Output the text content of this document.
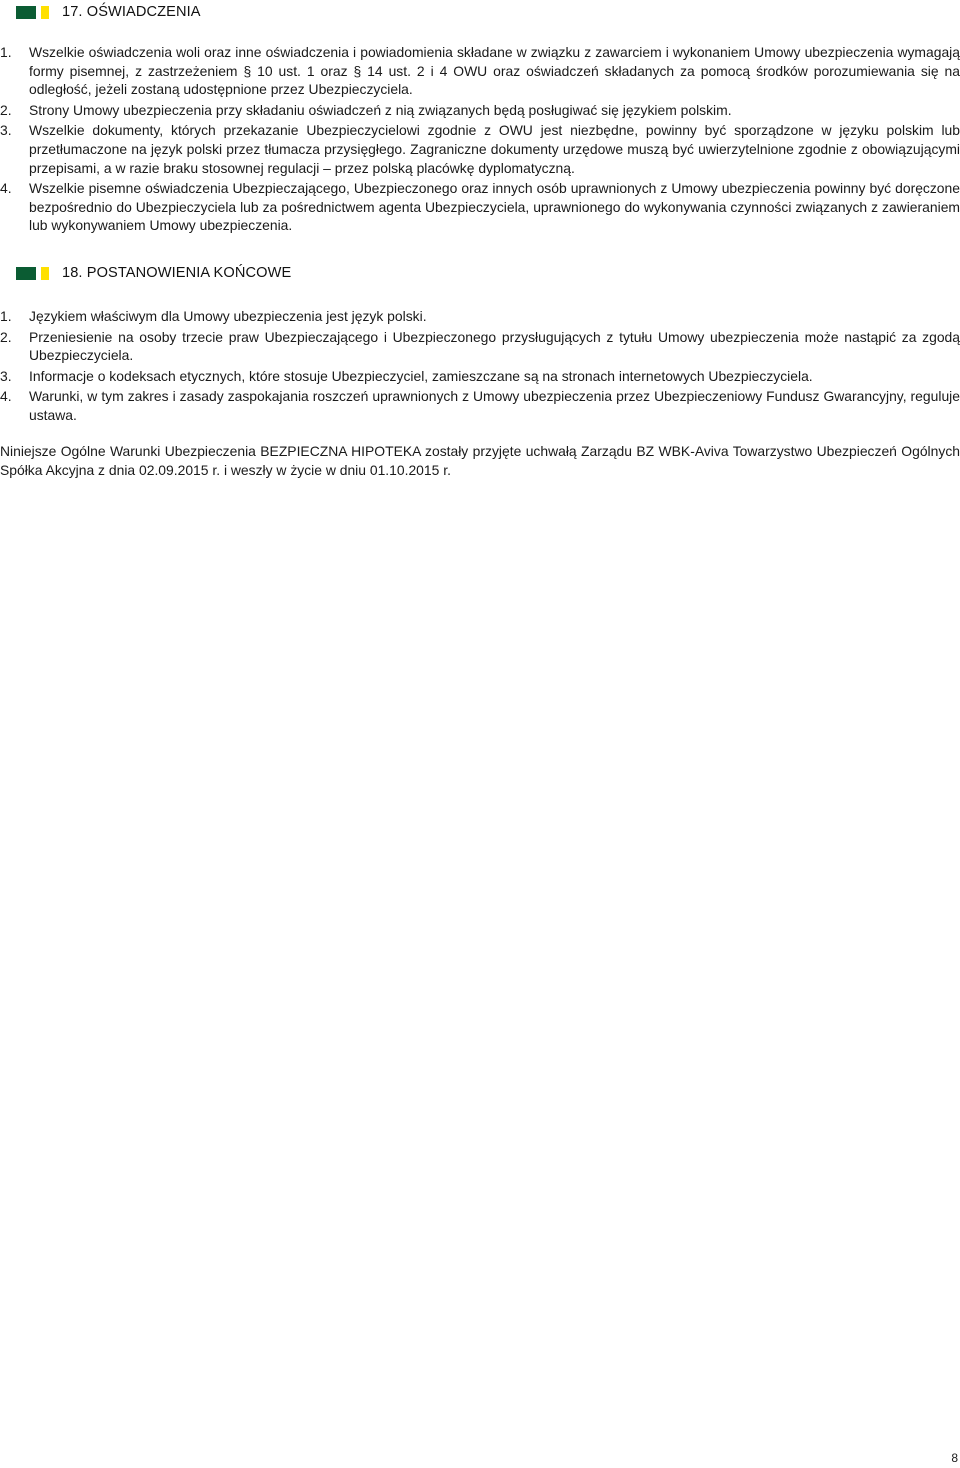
17. OŚWIADCZENIA
1. Wszelkie oświadczenia woli oraz inne oświadczenia i powiadomienia składane w związku z zawarciem i wykonaniem Umowy ubezpieczenia wymagają formy pisemnej, z zastrzeżeniem § 10 ust. 1 oraz § 14 ust. 2 i 4 OWU oraz oświadczeń składanych za pomocą środków porozumiewania się na odległość, jeżeli zostaną udostępnione przez Ubezpieczyciela.
2. Strony Umowy ubezpieczenia przy składaniu oświadczeń z nią związanych będą posługiwać się językiem polskim.
3. Wszelkie dokumenty, których przekazanie Ubezpieczycielowi zgodnie z OWU jest niezbędne, powinny być sporządzone w języku polskim lub przetłumaczone na język polski przez tłumacza przysięgłego. Zagraniczne dokumenty urzędowe muszą być uwierzytelnione zgodnie z obowiązującymi przepisami, a w razie braku stosownej regulacji – przez polską placówkę dyplomatyczną.
4. Wszelkie pisemne oświadczenia Ubezpieczającego, Ubezpieczonego oraz innych osób uprawnionych z Umowy ubezpieczenia powinny być doręczone bezpośrednio do Ubezpieczyciela lub za pośrednictwem agenta Ubezpieczyciela, uprawnionego do wykonywania czynności związanych z zawieraniem lub wykonywaniem Umowy ubezpieczenia.
18. POSTANOWIENIA KOŃCOWE
1. Językiem właściwym dla Umowy ubezpieczenia jest język polski.
2. Przeniesienie na osoby trzecie praw Ubezpieczającego i Ubezpieczonego przysługujących z tytułu Umowy ubezpieczenia może nastąpić za zgodą Ubezpieczyciela.
3. Informacje o kodeksach etycznych, które stosuje Ubezpieczyciel, zamieszczane są na stronach internetowych Ubezpieczyciela.
4. Warunki, w tym zakres i zasady zaspokajania roszczeń uprawnionych z Umowy ubezpieczenia przez Ubezpieczeniowy Fundusz Gwarancyjny, reguluje ustawa.

Niniejsze Ogólne Warunki Ubezpieczenia BEZPIECZNA HIPOTEKA zostały przyjęte uchwałą Zarządu BZ WBK-Aviva Towarzystwo Ubezpieczeń Ogólnych Spółka Akcyjna z dnia 02.09.2015 r. i weszły w życie w dniu 01.10.2015 r.

8
